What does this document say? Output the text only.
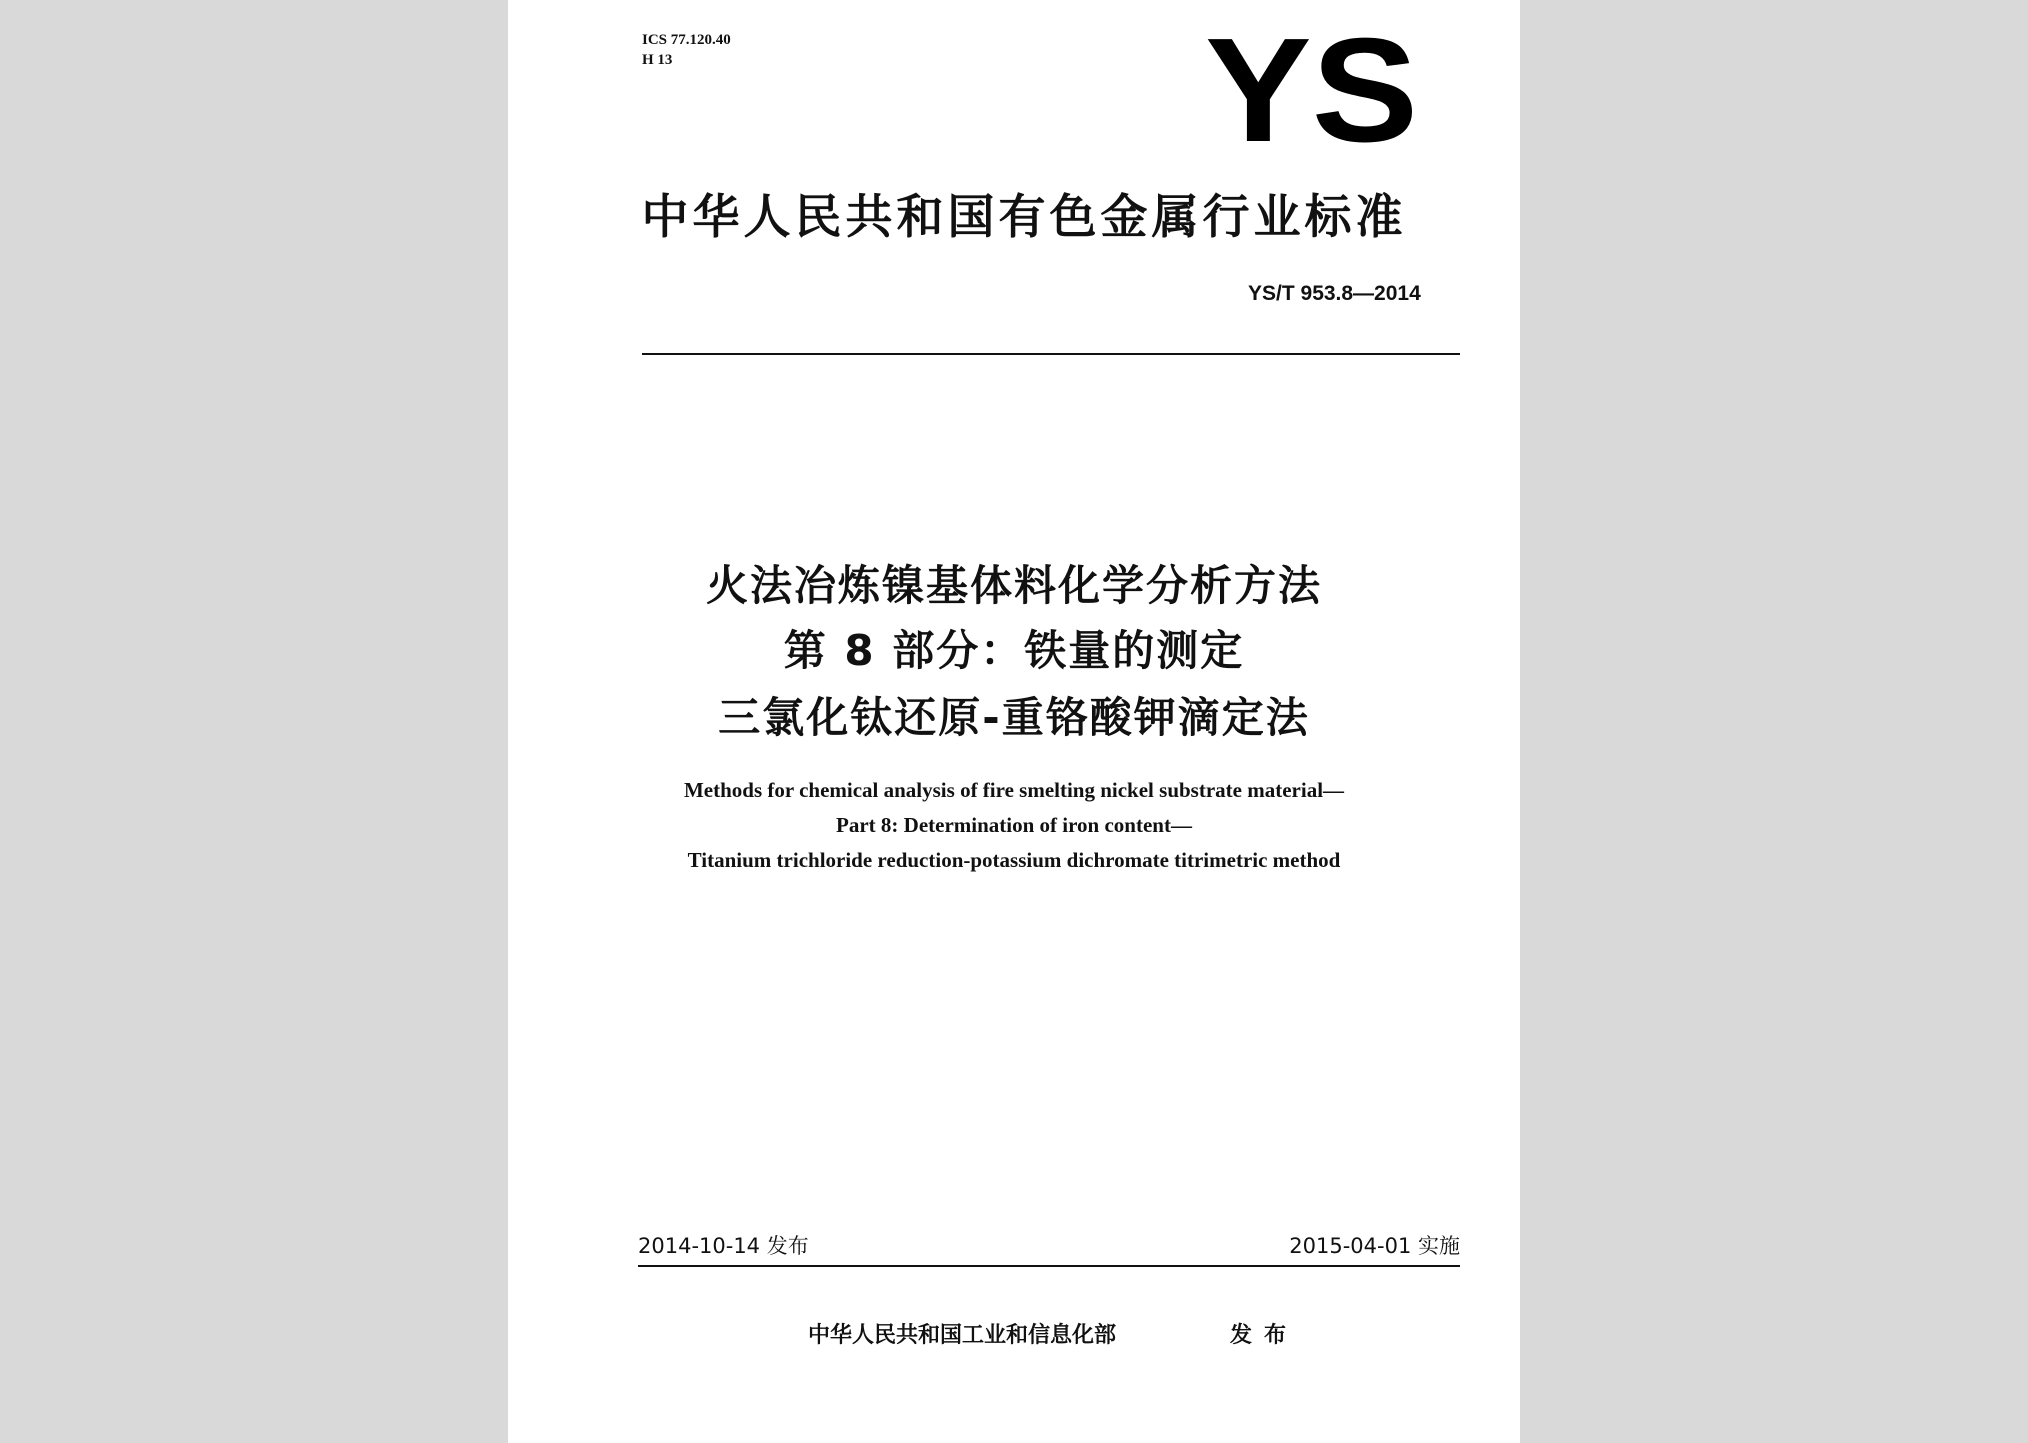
ICS 77.120.40
H 13	YS
中华人民共和国有色金属行业标准
YS/T 953.8—2014
火法冶炼镍基体料化学分析方法
第 8 部分：铁量的测定
三氯化钛还原-重铬酸钾滴定法
Methods for chemical analysis of fire smelting nickel substrate material—
Part 8: Determination of iron content—
Titanium trichloride reduction-potassium dichromate titrimetric method
2014-10-14 发布	2015-04-01 实施
中华人民共和国工业和信息化部	发布
